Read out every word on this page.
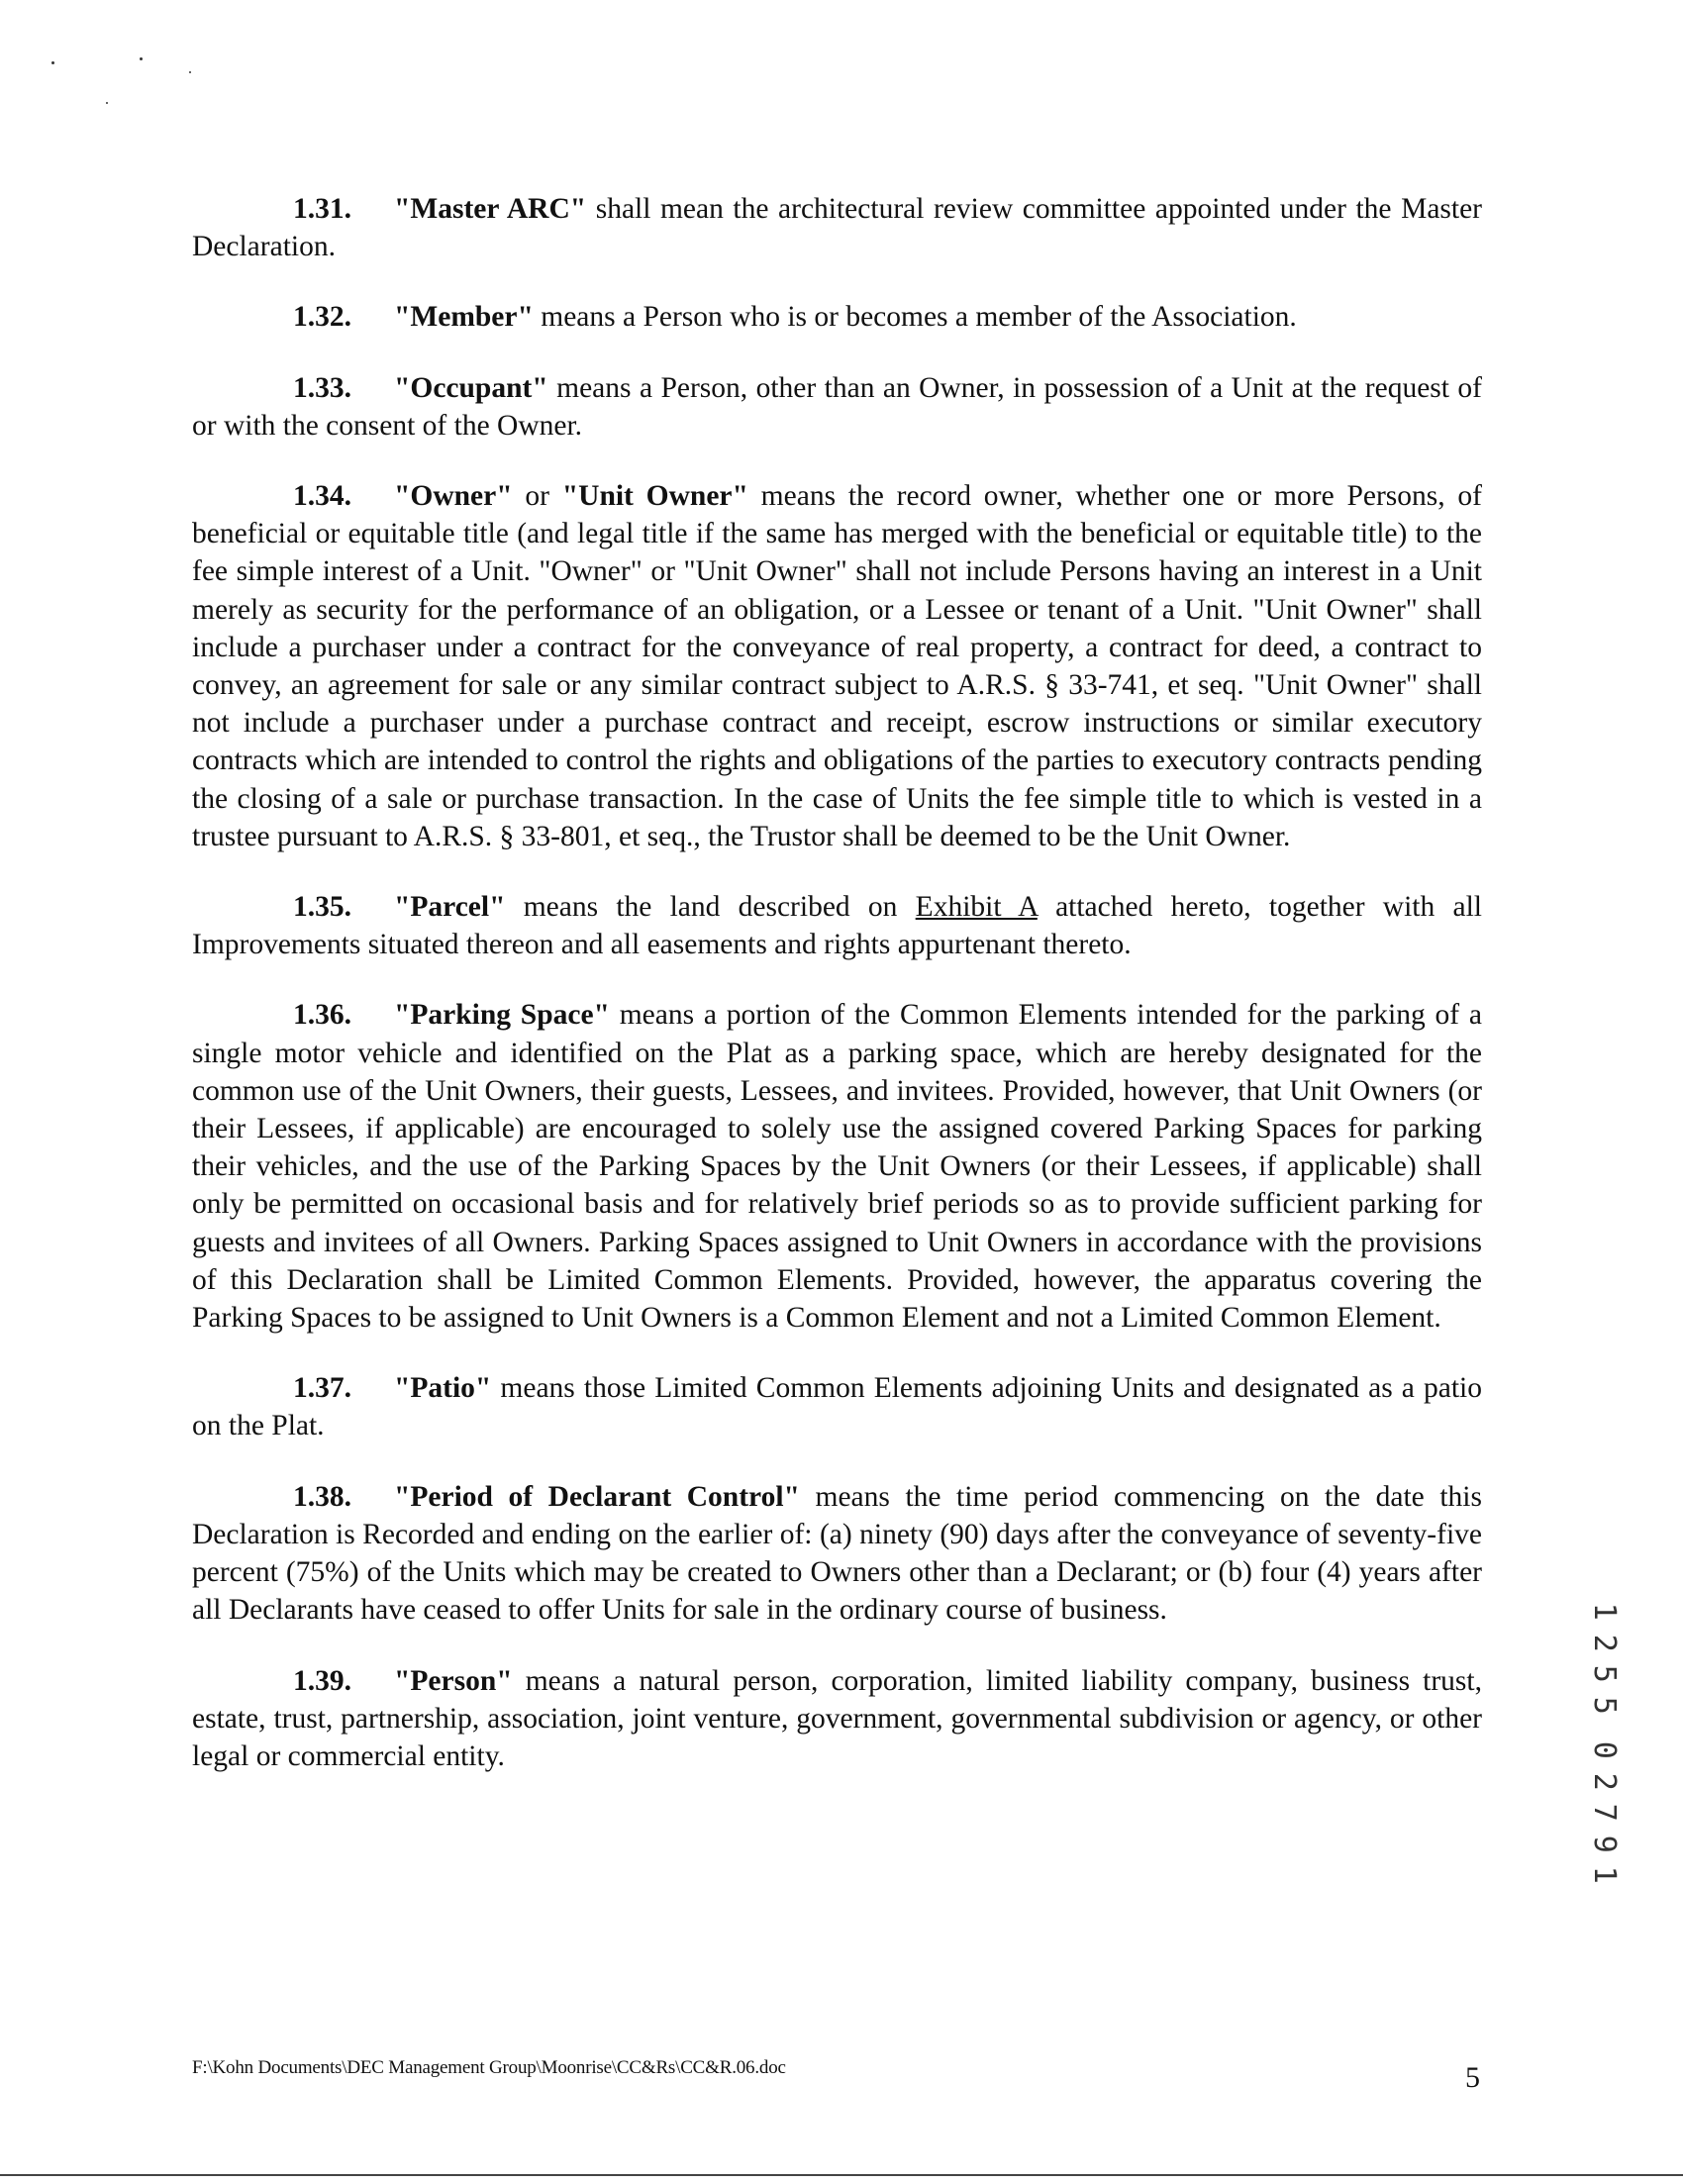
1.31. "Master ARC" shall mean the architectural review committee appointed under the Master Declaration.

1.32. "Member" means a Person who is or becomes a member of the Association.

1.33. "Occupant" means a Person, other than an Owner, in possession of a Unit at the request of or with the consent of the Owner.

1.34. "Owner" or "Unit Owner" means the record owner, whether one or more Persons, of beneficial or equitable title (and legal title if the same has merged with the beneficial or equitable title) to the fee simple interest of a Unit. "Owner" or "Unit Owner" shall not include Persons having an interest in a Unit merely as security for the performance of an obligation, or a Lessee or tenant of a Unit. "Unit Owner" shall include a purchaser under a contract for the conveyance of real property, a contract for deed, a contract to convey, an agreement for sale or any similar contract subject to A.R.S. § 33-741, et seq. "Unit Owner" shall not include a purchaser under a purchase contract and receipt, escrow instructions or similar executory contracts which are intended to control the rights and obligations of the parties to executory contracts pending the closing of a sale or purchase transaction. In the case of Units the fee simple title to which is vested in a trustee pursuant to A.R.S. § 33-801, et seq., the Trustor shall be deemed to be the Unit Owner.

1.35. "Parcel" means the land described on Exhibit A attached hereto, together with all Improvements situated thereon and all easements and rights appurtenant thereto.

1.36. "Parking Space" means a portion of the Common Elements intended for the parking of a single motor vehicle and identified on the Plat as a parking space, which are hereby designated for the common use of the Unit Owners, their guests, Lessees, and invitees. Provided, however, that Unit Owners (or their Lessees, if applicable) are encouraged to solely use the assigned covered Parking Spaces for parking their vehicles, and the use of the Parking Spaces by the Unit Owners (or their Lessees, if applicable) shall only be permitted on occasional basis and for relatively brief periods so as to provide sufficient parking for guests and invitees of all Owners. Parking Spaces assigned to Unit Owners in accordance with the provisions of this Declaration shall be Limited Common Elements. Provided, however, the apparatus covering the Parking Spaces to be assigned to Unit Owners is a Common Element and not a Limited Common Element.

1.37. "Patio" means those Limited Common Elements adjoining Units and designated as a patio on the Plat.

1.38. "Period of Declarant Control" means the time period commencing on the date this Declaration is Recorded and ending on the earlier of: (a) ninety (90) days after the conveyance of seventy-five percent (75%) of the Units which may be created to Owners other than a Declarant; or (b) four (4) years after all Declarants have ceased to offer Units for sale in the ordinary course of business.

1.39. "Person" means a natural person, corporation, limited liability company, business trust, estate, trust, partnership, association, joint venture, government, governmental subdivision or agency, or other legal or commercial entity.

1
2
5
5
0
2
7
9
1
F:\Kohn Documents\DEC Management Group\Moonrise\CC&Rs\CC&R.06.doc	5
